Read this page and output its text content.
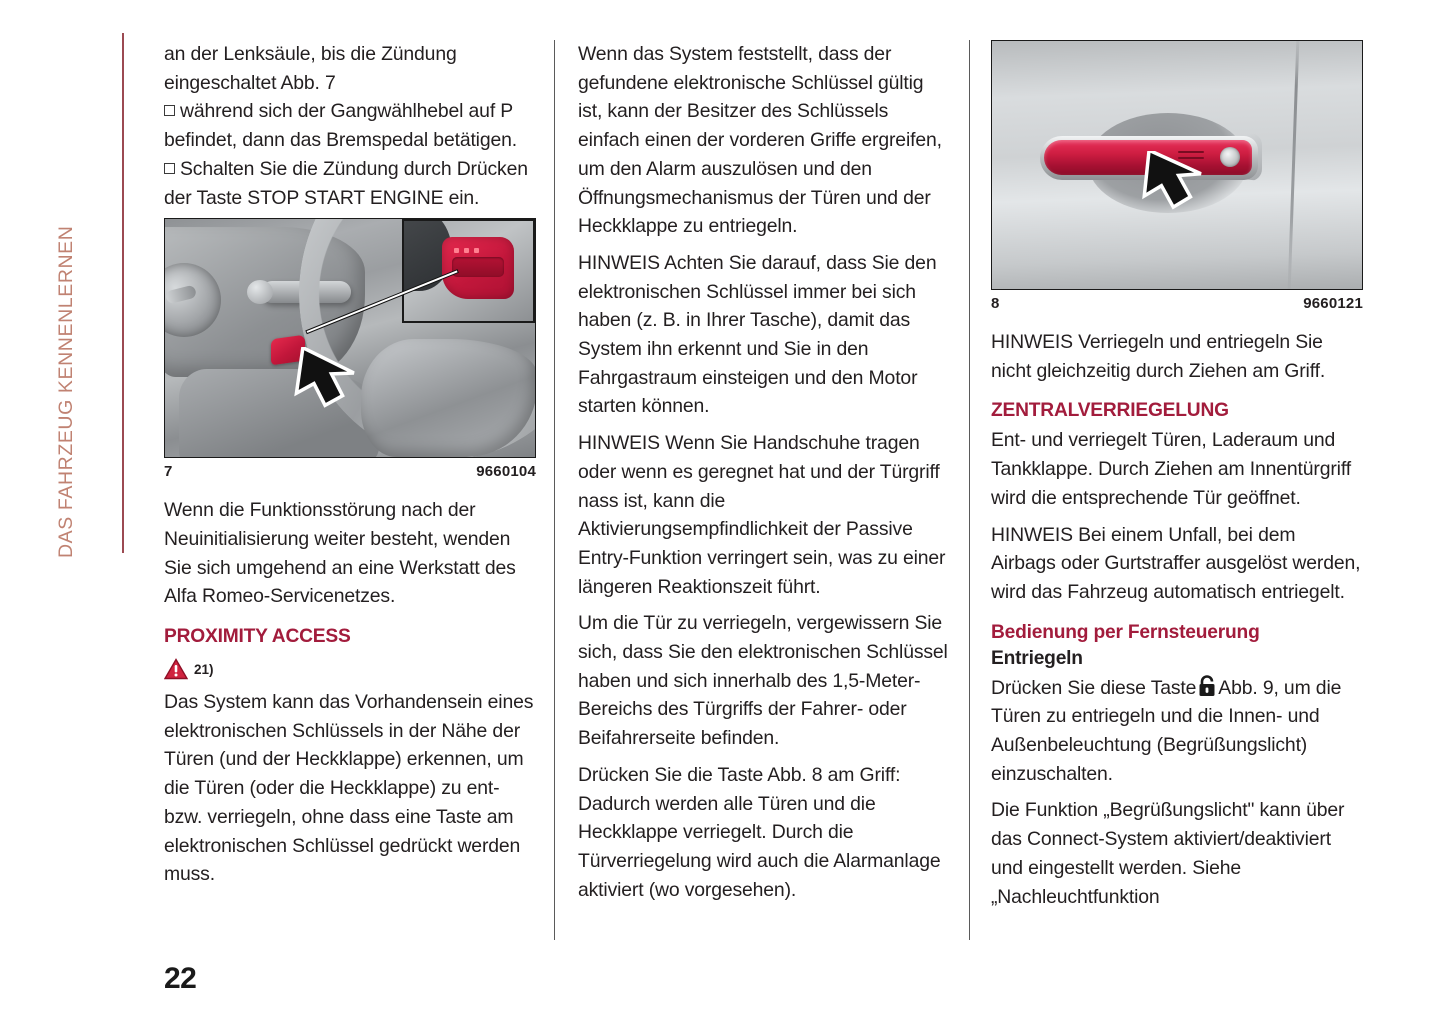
DAS FAHRZEUG KENNENLERNEN

an der Lenksäule, bis die Zündung eingeschaltet Abb. 7

während sich der Gangwählhebel auf P befindet, dann das Bremspedal betätigen.
Schalten Sie die Zündung durch Drücken der Taste STOP START ENGINE ein.
7	9660104

Wenn die Funktionsstörung nach der Neuinitialisierung weiter besteht, wenden Sie sich umgehend an eine Werkstatt des Alfa Romeo-Servicenetzes.

PROXIMITY ACCESS
21)

Das System kann das Vorhandensein eines elektronischen Schlüssels in der Nähe der Türen (und der Heckklappe) erkennen, um die Türen (oder die Heckklappe) zu ent- bzw. verriegeln, ohne dass eine Taste am elektronischen Schlüssel gedrückt werden muss.

Wenn das System feststellt, dass der gefundene elektronische Schlüssel gültig ist, kann der Besitzer des Schlüssels einfach einen der vorderen Griffe ergreifen, um den Alarm auszulösen und den Öffnungsmechanismus der Türen und der Heckklappe zu entriegeln.

HINWEIS Achten Sie darauf, dass Sie den elektronischen Schlüssel immer bei sich haben (z. B. in Ihrer Tasche), damit das System ihn erkennt und Sie in den Fahrgastraum einsteigen und den Motor starten können.

HINWEIS Wenn Sie Handschuhe tragen oder wenn es geregnet hat und der Türgriff nass ist, kann die Aktivierungsempfindlichkeit der Passive Entry-Funktion verringert sein, was zu einer längeren Reaktionszeit führt.

Um die Tür zu verriegeln, vergewissern Sie sich, dass Sie den elektronischen Schlüssel haben und sich innerhalb des 1,5-Meter-Bereichs des Türgriffs der Fahrer- oder Beifahrerseite befinden.

Drücken Sie die Taste Abb. 8 am Griff: Dadurch werden alle Türen und die Heckklappe verriegelt. Durch die Türverriegelung wird auch die Alarmanlage aktiviert (wo vorgesehen).

8	9660121

HINWEIS Verriegeln und entriegeln Sie nicht gleichzeitig durch Ziehen am Griff.

ZENTRALVERRIEGELUNG

Ent- und verriegelt Türen, Laderaum und Tankklappe. Durch Ziehen am Innentürgriff wird die entsprechende Tür geöffnet.

HINWEIS Bei einem Unfall, bei dem Airbags oder Gurtstraffer ausgelöst werden, wird das Fahrzeug automatisch entriegelt.

Bedienung per Fernsteuerung
Entriegeln

Drücken Sie diese Taste Abb. 9, um die Türen zu entriegeln und die Innen- und Außenbeleuchtung (Begrüßungslicht) einzuschalten.

Die Funktion „Begrüßungslicht" kann über das Connect-System aktiviert/deaktiviert und eingestellt werden. Siehe „Nachleuchtfunktion

22
